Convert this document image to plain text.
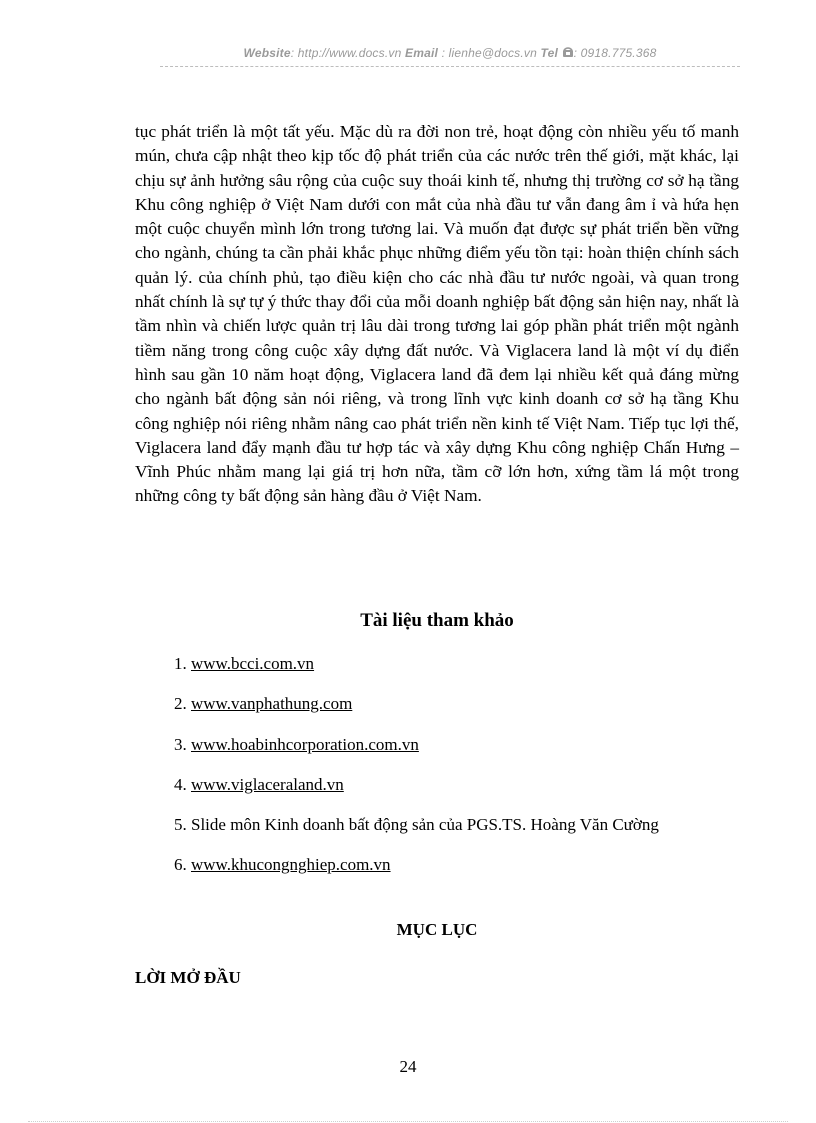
Website: http://www.docs.vn Email : lienhe@docs.vn Tel : 0918.775.368

tục phát triển là một tất yếu. Mặc dù ra đời non trẻ, hoạt động còn nhiều yếu tố manh mún, chưa cập nhật theo kịp tốc độ phát triển của các nước trên thế giới, mặt khác, lại chịu sự ảnh hưởng sâu rộng của cuộc suy thoái kinh tế, nhưng thị trường cơ sở hạ tầng Khu công nghiệp ở Việt Nam dưới con mắt của nhà đầu tư vẫn đang âm ỉ và hứa hẹn một cuộc chuyển mình lớn trong tương lai. Và muốn đạt được sự phát triển bền vững cho ngành, chúng ta cần phải khắc phục những điểm yếu tồn tại: hoàn thiện chính sách quản lý. của chính phủ, tạo điều kiện cho các nhà đầu tư nước ngoài, và quan trong nhất chính là sự tự ý thức thay đổi của mỗi doanh nghiệp bất động sản hiện nay, nhất là tầm nhìn và chiến lược quản trị lâu dài trong tương lai góp phần phát triển một ngành tiềm năng trong công cuộc xây dựng đất nước. Và Viglacera land là một ví dụ điển hình sau gần 10 năm hoạt động, Viglacera land đã đem lại nhiều kết quả đáng mừng cho ngành bất động sản nói riêng, và trong lĩnh vực kinh doanh cơ sở hạ tầng Khu công nghiệp nói riêng nhằm nâng cao phát triển nền kinh tế Việt Nam. Tiếp tục lợi thế, Viglacera land đẩy mạnh đầu tư hợp tác và xây dựng Khu công nghiệp Chấn Hưng – Vĩnh Phúc nhằm mang lại giá trị hơn nữa, tầm cỡ lớn hơn, xứng tầm lá một trong những công ty bất động sản hàng đầu ở Việt Nam.

Tài liệu tham khảo
1. www.bcci.com.vn
2. www.vanphathung.com
3. www.hoabinhcorporation.com.vn
4. www.viglaceraland.vn
5. Slide môn Kinh doanh bất động sản của PGS.TS. Hoàng Văn Cường
6. www.khucongnghiep.com.vn
MỤC LỤC
LỜI MỞ ĐẦU
24
